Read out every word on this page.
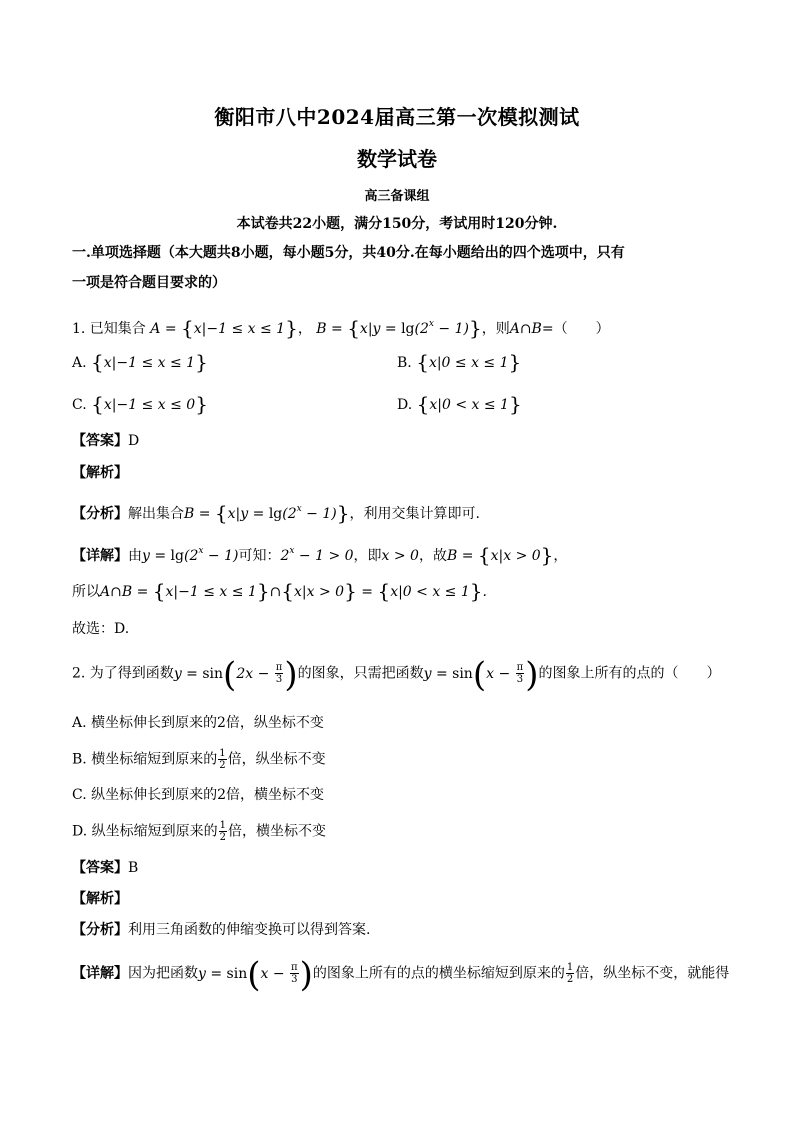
衡阳市八中2024届高三第一次模拟测试
数学试卷
高三备课组
本试卷共22小题，满分150分，考试用时120分钟.
一.单项选择题（本大题共8小题，每小题5分，共40分.在每小题给出的四个选项中，只有
一项是符合题目要求的）
1. 已知集合 A = {x|−1 ≤ x ≤ 1}， $B = \{x|y = \lg(2^x - 1)\}$，则A∩B=（　　）
A. {x|−1 ≤ x ≤ 1}	B. {x|0 ≤ x ≤ 1}
C. {x|−1 ≤ x ≤ 0}	D. {x|0 < x ≤ 1}
【答案】D
【解析】
【分析】解出集合$B = \{x|y = \lg(2^x - 1)\}$，利用交集计算即可.
【详解】由$y = \lg(2^x - 1)$可知：$2^x - 1 > 0$，即x > 0，故B = {x|x > 0}，
所以A∩B = {x|−1 ≤ x ≤ 1}∩{x|x > 0} = {x|0 < x ≤ 1}.
故选：D.
2. 为了得到函数$y = \sin(2x - \frac{\pi}{3}$ )的图象，只需把函数$y = \sin(x - \frac{\pi}{3}$ )的图象上所有的点的（　　）
A. 横坐标伸长到原来的2倍，纵坐标不变
B. 横坐标缩短到原来的 $\frac{1}{2}$ 倍，纵坐标不变
C. 纵坐标伸长到原来的2倍，横坐标不变
D. 纵坐标缩短到原来的 $\frac{1}{2}$ 倍，横坐标不变
【答案】B
【解析】
【分析】利用三角函数的伸缩变换可以得到答案.
【详解】因为把函数$y = \sin(x - \frac{\pi}{3}$ )的图象上所有的点的横坐标缩短到原来的 $\frac{1}{2}$ 倍，纵坐标不变，就能得
